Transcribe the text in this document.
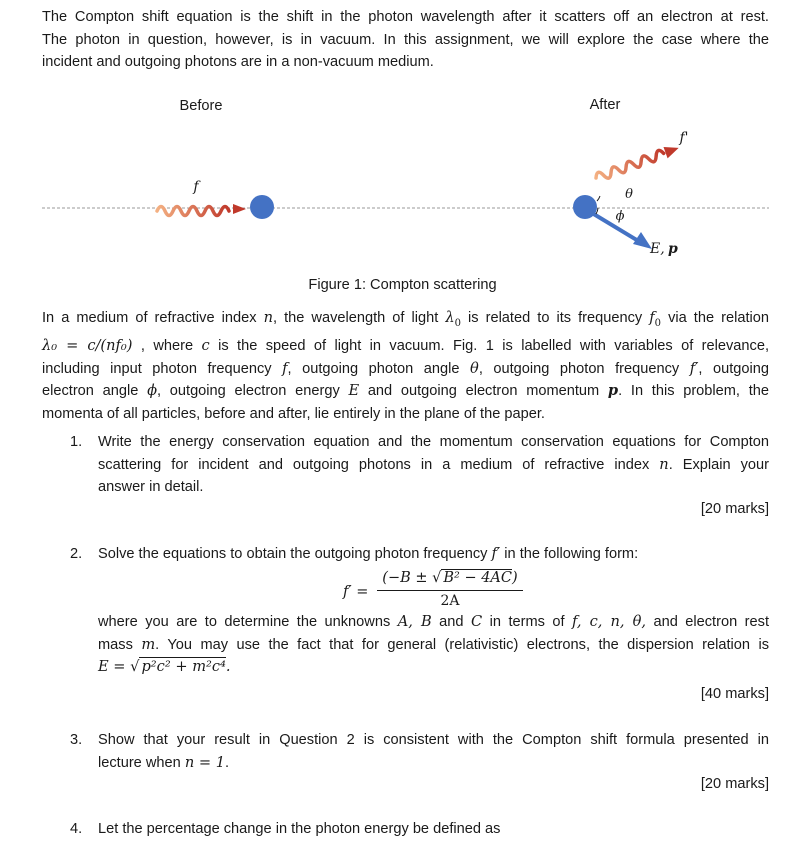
The Compton shift equation is the shift in the photon wavelength after it scatters off an electron at rest.
The photon in question, however, is in vacuum. In this assignment, we will explore the case where the
incident and outgoing photons are in a non-vacuum medium.
Before	After
f
f'
E, p
θ
ϕ
Figure 1: Compton scattering
In a medium of refractive index n, the wavelength of light $\lambda_0$ is related to its frequency $f_0$ via the relation
λ₀ = c/(nf₀) , where c is the speed of light in vacuum. Fig. 1 is labelled with variables of relevance,
including input photon frequency f, outgoing photon angle θ, outgoing photon frequency f′, outgoing
electron angle ϕ, outgoing electron energy E and outgoing electron momentum p. In this problem, the
momenta of all particles, before and after, lie entirely in the plane of the paper.
1. Write the energy conservation equation and the momentum conservation equations for Compton
scattering for incident and outgoing photons in a medium of refractive index n. Explain your
answer in detail.
[20 marks]
2. Solve the equations to obtain the outgoing photon frequency f′ in the following form:
f′ =
(−B ± √ B² − 4AC)
2A
where you are to determine the unknowns A, B and C in terms of f, c, n, θ, and electron rest
mass m. You may use the fact that for general (relativistic) electrons, the dispersion relation is
E = √ p²c² + m²c⁴.
[40 marks]
3. Show that your result in Question 2 is consistent with the Compton shift formula presented in
lecture when n = 1.
[20 marks]
4. Let the percentage change in the photon energy be defined as
